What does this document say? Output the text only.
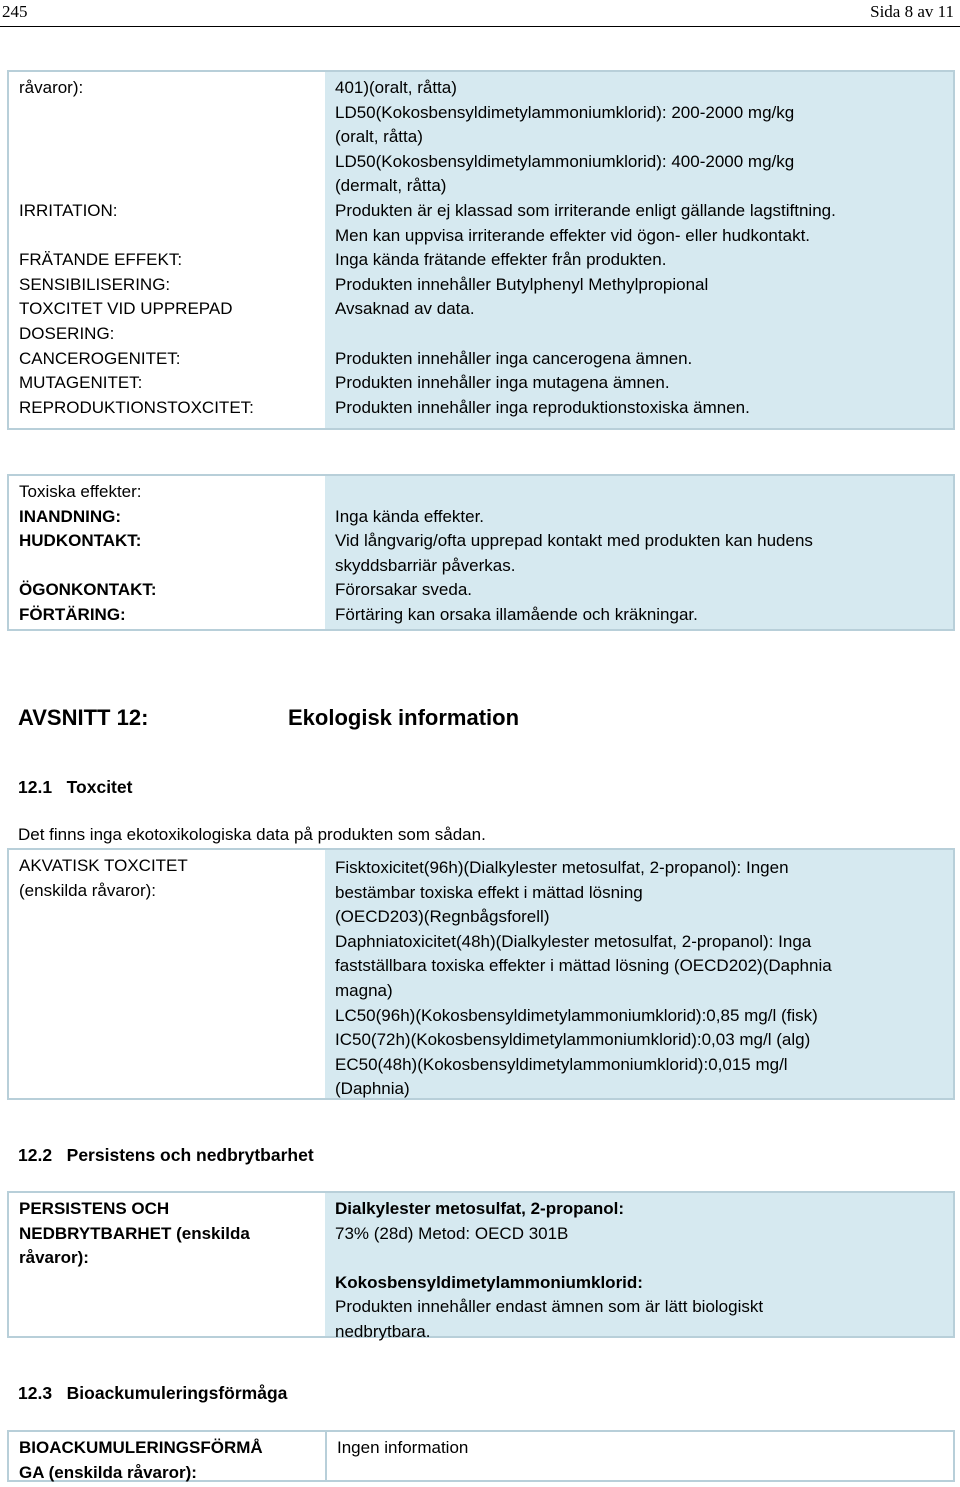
245	Sida 8 av 11
råvaror):

IRRITATION:

FRÄTANDE EFFEKT:
SENSIBILISERING:
TOXCITET VID UPPREPAD
DOSERING:
CANCEROGENITET:
MUTAGENITET:
REPRODUKTIONSTOXCITET:
401)(oralt, råtta)
LD50(Kokosbensyldimetylammoniumklorid): 200-2000 mg/kg
(oralt, råtta)
LD50(Kokosbensyldimetylammoniumklorid): 400-2000 mg/kg
(dermalt, råtta)
Produkten är ej klassad som irriterande enligt gällande lagstiftning.
Men kan uppvisa irriterande effekter vid ögon- eller hudkontakt.
Inga kända frätande effekter från produkten.
Produkten innehåller Butylphenyl Methylpropional
Avsaknad av data.

Produkten innehåller inga cancerogena ämnen.
Produkten innehåller inga mutagena ämnen.
Produkten innehåller inga reproduktionstoxiska ämnen.
Toxiska effekter:
INANDNING:
HUDKONTAKT:

ÖGONKONTAKT:
FÖRTÄRING:

Inga kända effekter.
Vid långvarig/ofta upprepad kontakt med produkten kan hudens
skyddsbarriär påverkas.
Förorsakar sveda.
Förtäring kan orsaka illamående och kräkningar.
AVSNITT 12:	Ekologisk information
12.1   Toxcitet
Det finns inga ekotoxikologiska data på produkten som sådan.
AKVATISK TOXCITET
(enskilda råvaror):
Fisktoxicitet(96h)(Dialkylester metosulfat, 2-propanol): Ingen
bestämbar toxiska effekt i mättad lösning
(OECD203)(Regnbågsforell)
Daphniatoxicitet(48h)(Dialkylester metosulfat, 2-propanol): Inga
fastställbara toxiska effekter i mättad lösning (OECD202)(Daphnia
magna)
LC50(96h)(Kokosbensyldimetylammoniumklorid):0,85 mg/l (fisk)
IC50(72h)(Kokosbensyldimetylammoniumklorid):0,03 mg/l (alg)
EC50(48h)(Kokosbensyldimetylammoniumklorid):0,015 mg/l
(Daphnia)
12.2   Persistens och nedbrytbarhet
PERSISTENS OCH
NEDBRYTBARHET (enskilda
råvaror):
Dialkylester metosulfat, 2-propanol:
73% (28d) Metod: OECD 301B

Kokosbensyldimetylammoniumklorid:
Produkten innehåller endast ämnen som är lätt biologiskt
nedbrytbara.
12.3   Bioackumuleringsförmåga
BIOACKUMULERINGSFÖRMÅ
GA (enskilda råvaror):
Ingen information
